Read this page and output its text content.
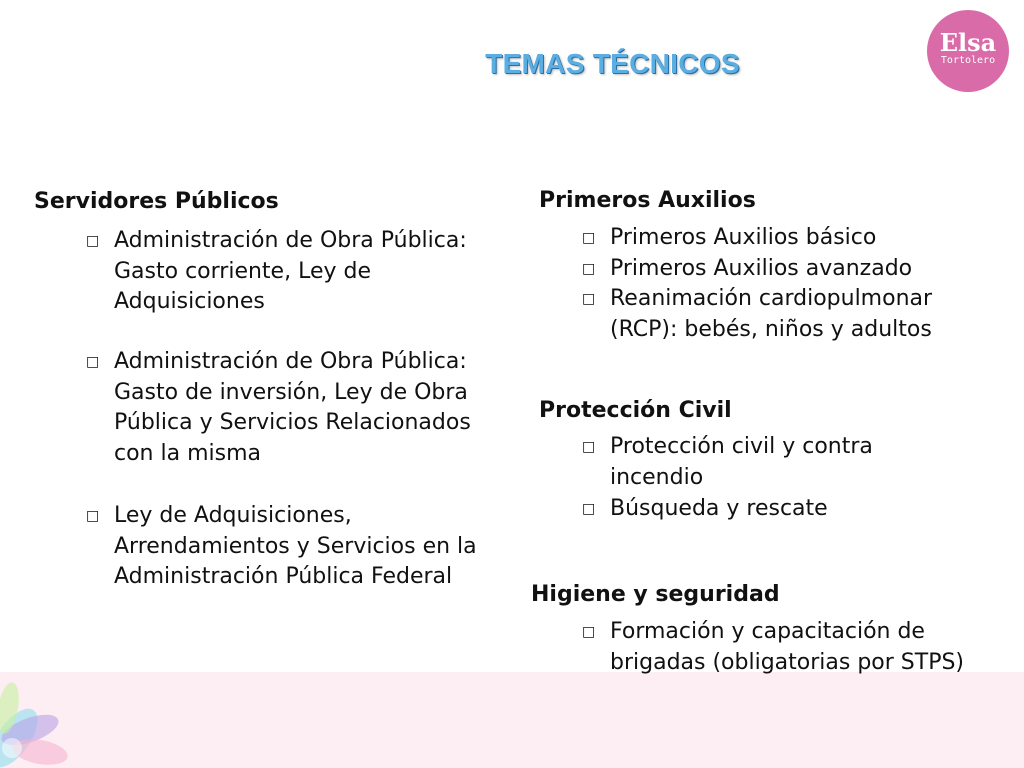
TEMAS TÉCNICOS
Elsa
Tortolero
Servidores Públicos
□ Administración de Obra Pública: Gasto corriente, Ley de Adquisiciones
□ Administración de Obra Pública: Gasto de inversión, Ley de Obra Pública y Servicios Relacionados con la misma
□ Ley de Adquisiciones, Arrendamientos y Servicios en la Administración Pública Federal
Primeros Auxilios
□ Primeros Auxilios básico
□ Primeros Auxilios avanzado
□ Reanimación cardiopulmonar (RCP): bebés, niños y adultos
Protección Civil
□ Protección civil y contra incendio
□ Búsqueda y rescate
Higiene y seguridad
□ Formación y capacitación de brigadas (obligatorias por STPS)
